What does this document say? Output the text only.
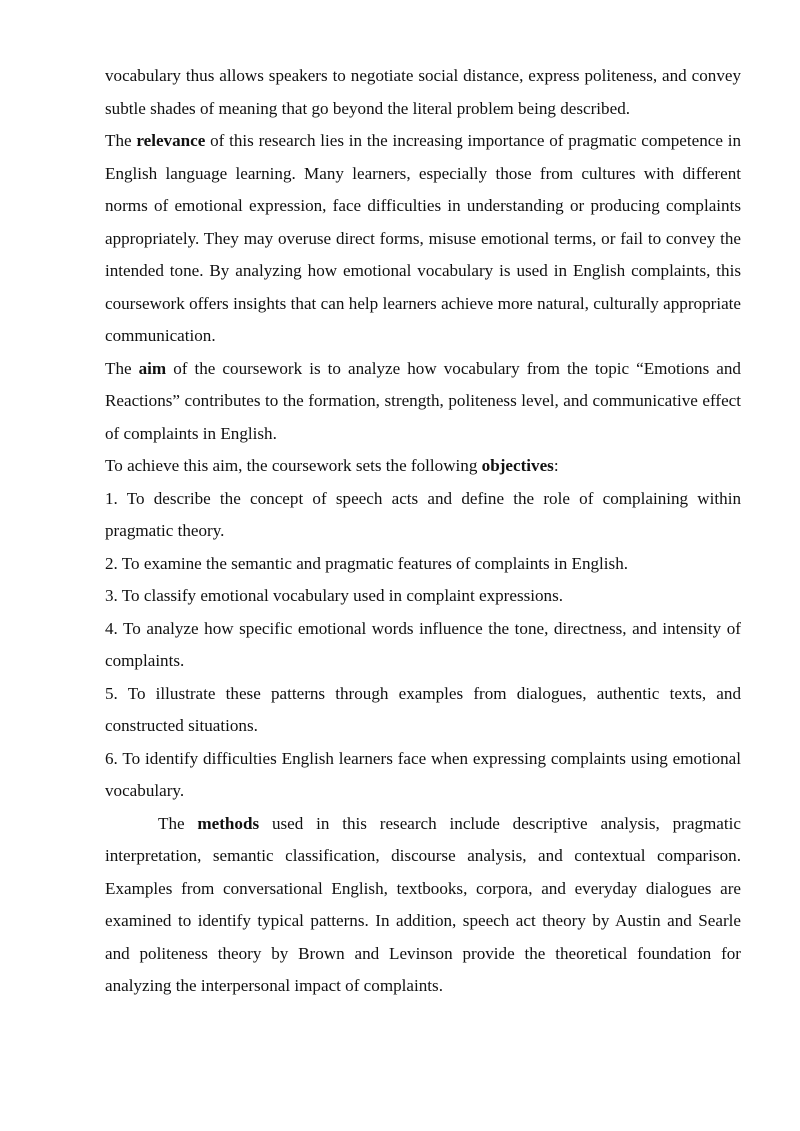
vocabulary thus allows speakers to negotiate social distance, express politeness, and convey subtle shades of meaning that go beyond the literal problem being described.

The relevance of this research lies in the increasing importance of pragmatic competence in English language learning. Many learners, especially those from cultures with different norms of emotional expression, face difficulties in understanding or producing complaints appropriately. They may overuse direct forms, misuse emotional terms, or fail to convey the intended tone. By analyzing how emotional vocabulary is used in English complaints, this coursework offers insights that can help learners achieve more natural, culturally appropriate communication.

The aim of the coursework is to analyze how vocabulary from the topic “Emotions and Reactions” contributes to the formation, strength, politeness level, and communicative effect of complaints in English.

To achieve this aim, the coursework sets the following objectives:

1. To describe the concept of speech acts and define the role of complaining within pragmatic theory.

2. To examine the semantic and pragmatic features of complaints in English.

3. To classify emotional vocabulary used in complaint expressions.

4. To analyze how specific emotional words influence the tone, directness, and intensity of complaints.

5. To illustrate these patterns through examples from dialogues, authentic texts, and constructed situations.

6. To identify difficulties English learners face when expressing complaints using emotional vocabulary.

The methods used in this research include descriptive analysis, pragmatic interpretation, semantic classification, discourse analysis, and contextual comparison. Examples from conversational English, textbooks, corpora, and everyday dialogues are examined to identify typical patterns. In addition, speech act theory by Austin and Searle and politeness theory by Brown and Levinson provide the theoretical foundation for analyzing the interpersonal impact of complaints.
